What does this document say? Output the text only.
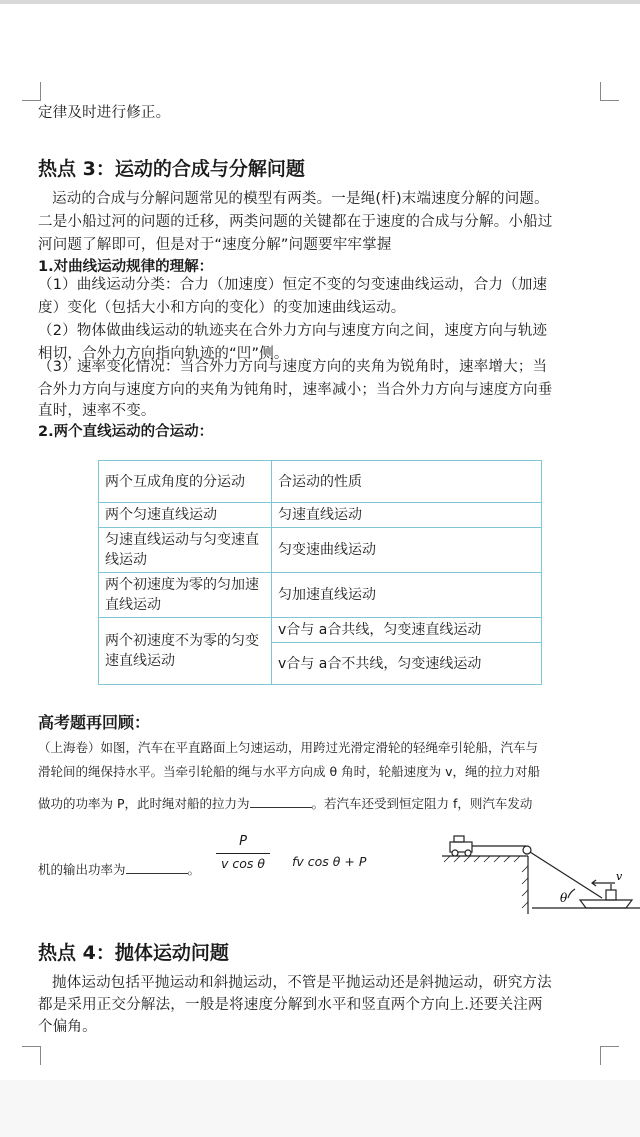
定律及时进行修正。
热点 3：运动的合成与分解问题
运动的合成与分解问题常见的模型有两类。一是绳(杆)末端速度分解的问题。
二是小船过河的问题的迁移，两类问题的关键都在于速度的合成与分解。小船过
河问题了解即可，但是对于“速度分解”问题要牢牢掌握
1.对曲线运动规律的理解：
（1）曲线运动分类：合力（加速度）恒定不变的匀变速曲线运动，合力（加速
度）变化（包括大小和方向的变化）的变加速曲线运动。
（2）物体做曲线运动的轨迹夹在合外力方向与速度方向之间，速度方向与轨迹
相切，合外力方向指向轨迹的“凹”侧。
（3）速率变化情况：当合外力方向与速度方向的夹角为锐角时，速率增大；当
合外力方向与速度方向的夹角为钝角时，速率减小；当合外力方向与速度方向垂
直时，速率不变。
2.两个直线运动的合运动：
两个互成角度的分运动	合运动的性质
两个匀速直线运动	匀速直线运动
匀速直线运动与匀变速直线运动	匀变速曲线运动
两个初速度为零的匀加速直线运动	匀加速直线运动
两个初速度不为零的匀变速直线运动	v合与 a合共线，匀变速直线运动
	v合与 a合不共线，匀变速线运动
高考题再回顾：
（上海卷）如图，汽车在平直路面上匀速运动，用跨过光滑定滑轮的轻绳牵引轮船，汽车与
滑轮间的绳保持水平。当牵引轮船的绳与水平方向成 θ 角时，轮船速度为 v，绳的拉力对船
做功的功率为 P，此时绳对船的拉力为	。若汽车还受到恒定阻力 f，则汽车发动
机的输出功率为	。
P
v cos θ	fv cos θ + P
v
θ
热点 4：抛体运动问题
抛体运动包括平抛运动和斜抛运动，不管是平抛运动还是斜抛运动，研究方法
都是采用正交分解法，一般是将速度分解到水平和竖直两个方向上.还要关注两
个偏角。
